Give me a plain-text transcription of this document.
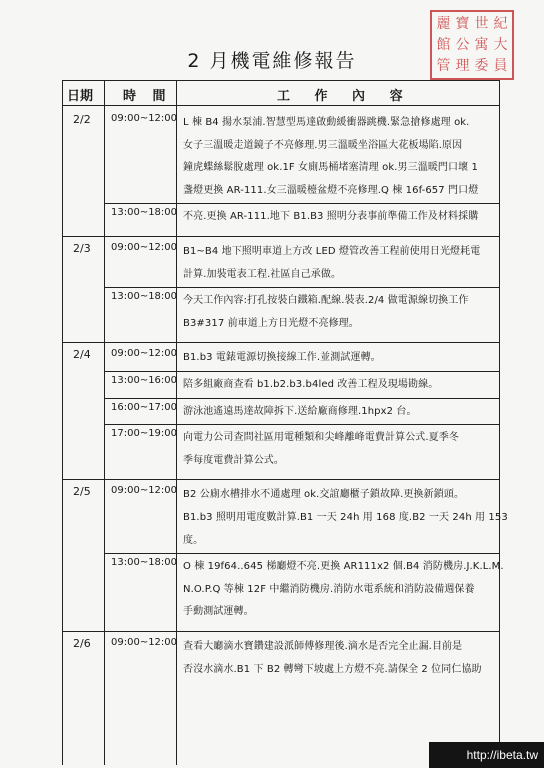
麗 寶 世 紀
館 公 寓 大
管 理 委 員
2 月機電維修報告
日期 時 間	工 作 內 容
2/2 09:00~12:00 L 棟 B4 揚水泵浦.智慧型馬達啟動緩衝器跳機.緊急搶修處理 ok.
女子三溫暖走道鏡子不亮修理.男三溫暖坐浴區大花板場陷.原因
鐘虎蝶絲鬆脫處理 ok.1F 女廁馬桶堵塞清理 ok.男三溫暖門口壞 1
盞燈更換 AR-111.女三溫暖檯盆燈不亮修理.Q 棟 16f-657 門口燈
13:00~18:00 不亮.更換 AR-111.地下 B1.B3 照明分表事前準備工作及材料採購
2/3 09:00~12:00 B1~B4 地下照明車道上方改 LED 燈管改善工程前使用日光燈耗電
計算.加裝電表工程.社區自己承做。
13:00~18:00 今天工作內容:打孔按裝白鐵箱.配線.裝表.2/4 做電源線切換工作
B3#317 前車道上方日光燈不亮修理。
2/4 09:00~12:00 B1.b3 電錶電源切換接線工作.並測試運轉。
13:00~16:00 陪多組廠商查看 b1.b2.b3.b4led 改善工程及現場勘線。
16:00~17:00 游泳池遙遠馬達故障拆下.送給廠商修理.1hpx2 台。
17:00~19:00 向電力公司查問社區用電種類和尖峰離峰電費計算公式.夏季冬
季每度電費計算公式。
2/5 09:00~12:00 B2 公廁水槽排水不通處理 ok.交誼廳櫃子鎖故障.更換新鎖頭。
B1.b3 照明用電度數計算.B1 一天 24h 用 168 度.B2 一天 24h 用 153
度。
13:00~18:00 O 棟 19f64..645 梯廳燈不亮.更換 AR111x2 個.B4 消防機房.J.K.L.M.
N.O.P.Q 等棟 12F 中繼消防機房.消防水電系統和消防設備週保養
手動測試運轉。
2/6 09:00~12:00 查看大廳滴水寶鑽建設派師傅修理後.滴水是否完全止漏.目前是
否沒水滴水.B1 下 B2 轉彎下坡處上方燈不亮.請保全 2 位同仁協助
http://ibeta.tw
